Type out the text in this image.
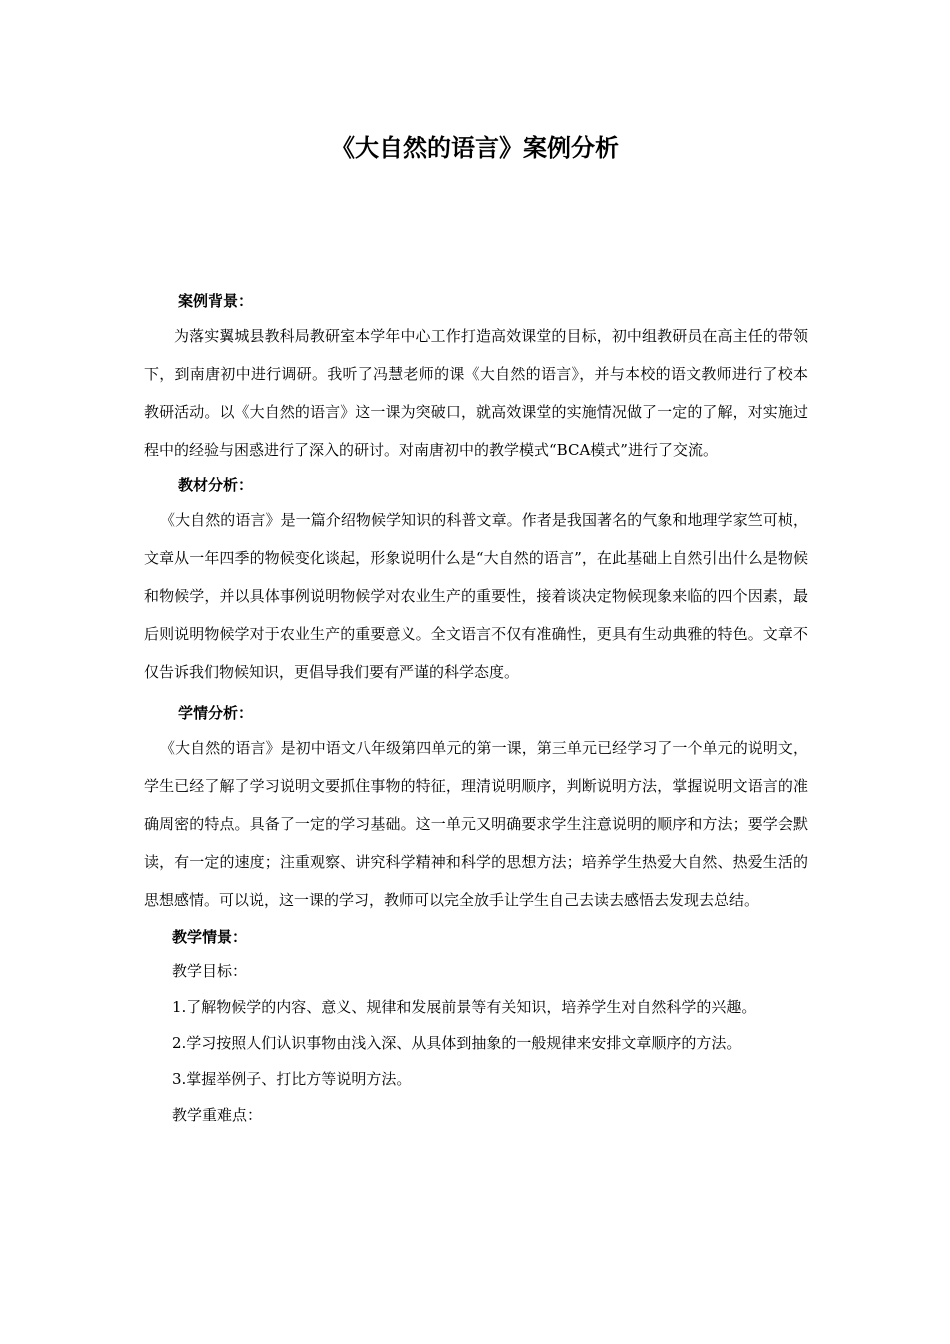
《大自然的语言》案例分析
案例背景：

为落实翼城县教科局教研室本学年中心工作打造高效课堂的目标，初中组教研员在高主任的带领下，到南唐初中进行调研。我听了冯慧老师的课《大自然的语言》，并与本校的语文教师进行了校本教研活动。以《大自然的语言》这一课为突破口，就高效课堂的实施情况做了一定的了解，对实施过程中的经验与困惑进行了深入的研讨。对南唐初中的教学模式“BCA模式”进行了交流。

教材分析：

《大自然的语言》是一篇介绍物候学知识的科普文章。作者是我国著名的气象和地理学家竺可桢，文章从一年四季的物候变化谈起，形象说明什么是“大自然的语言”，在此基础上自然引出什么是物候和物候学，并以具体事例说明物候学对农业生产的重要性，接着谈决定物候现象来临的四个因素，最后则说明物候学对于农业生产的重要意义。全文语言不仅有准确性，更具有生动典雅的特色。文章不仅告诉我们物候知识，更倡导我们要有严谨的科学态度。

学情分析：

《大自然的语言》是初中语文八年级第四单元的第一课，第三单元已经学习了一个单元的说明文，学生已经了解了学习说明文要抓住事物的特征，理清说明顺序，判断说明方法，掌握说明文语言的准确周密的特点。具备了一定的学习基础。这一单元又明确要求学生注意说明的顺序和方法；要学会默读，有一定的速度；注重观察、讲究科学精神和科学的思想方法；培养学生热爱大自然、热爱生活的思想感情。可以说，这一课的学习，教师可以完全放手让学生自己去读去感悟去发现去总结。

教学情景：

教学目标：

1.了解物候学的内容、意义、规律和发展前景等有关知识，培养学生对自然科学的兴趣。

2.学习按照人们认识事物由浅入深、从具体到抽象的一般规律来安排文章顺序的方法。

3.掌握举例子、打比方等说明方法。

教学重难点：
